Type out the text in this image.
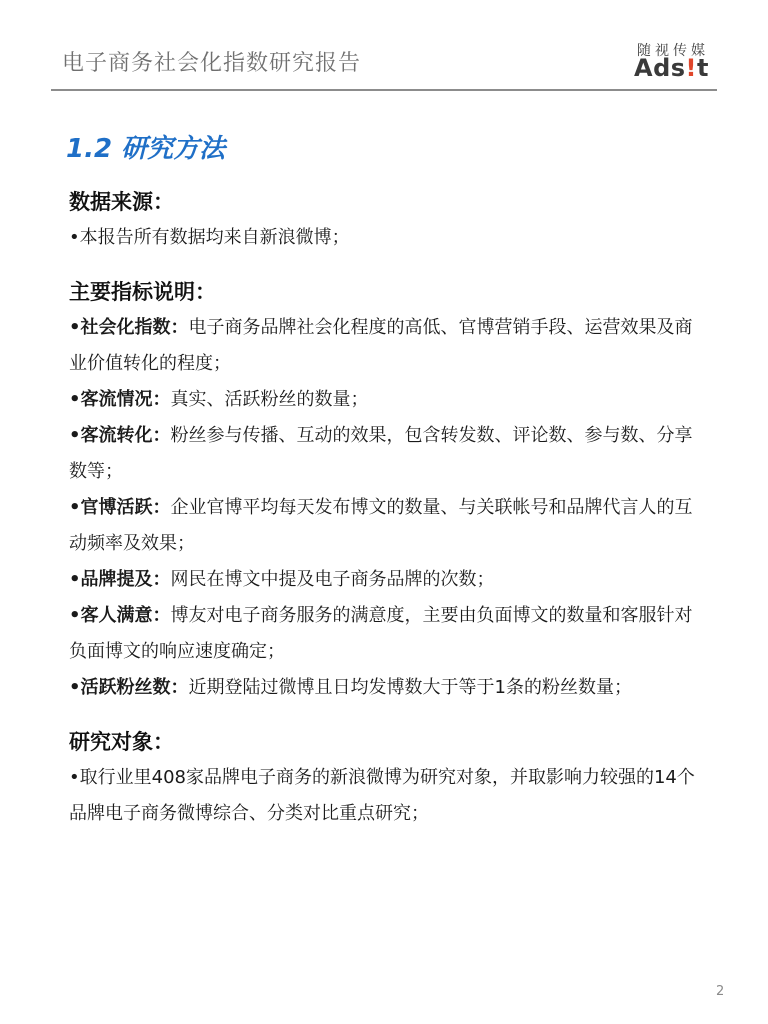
电子商务社会化指数研究报告	随视传媒
Ads!t
1.2 研究方法
数据来源：
•本报告所有数据均来自新浪微博；
主要指标说明：
•社会化指数：电子商务品牌社会化程度的高低、官博营销手段、运营效果及商业价值转化的程度；
•客流情况：真实、活跃粉丝的数量；
•客流转化：粉丝参与传播、互动的效果，包含转发数、评论数、参与数、分享数等；
•官博活跃：企业官博平均每天发布博文的数量、与关联帐号和品牌代言人的互动频率及效果；
•品牌提及：网民在博文中提及电子商务品牌的次数；
•客人满意：博友对电子商务服务的满意度，主要由负面博文的数量和客服针对负面博文的响应速度确定；
•活跃粉丝数：近期登陆过微博且日均发博数大于等于1条的粉丝数量；
研究对象：
•取行业里408家品牌电子商务的新浪微博为研究对象，并取影响力较强的14个品牌电子商务微博综合、分类对比重点研究；
2
